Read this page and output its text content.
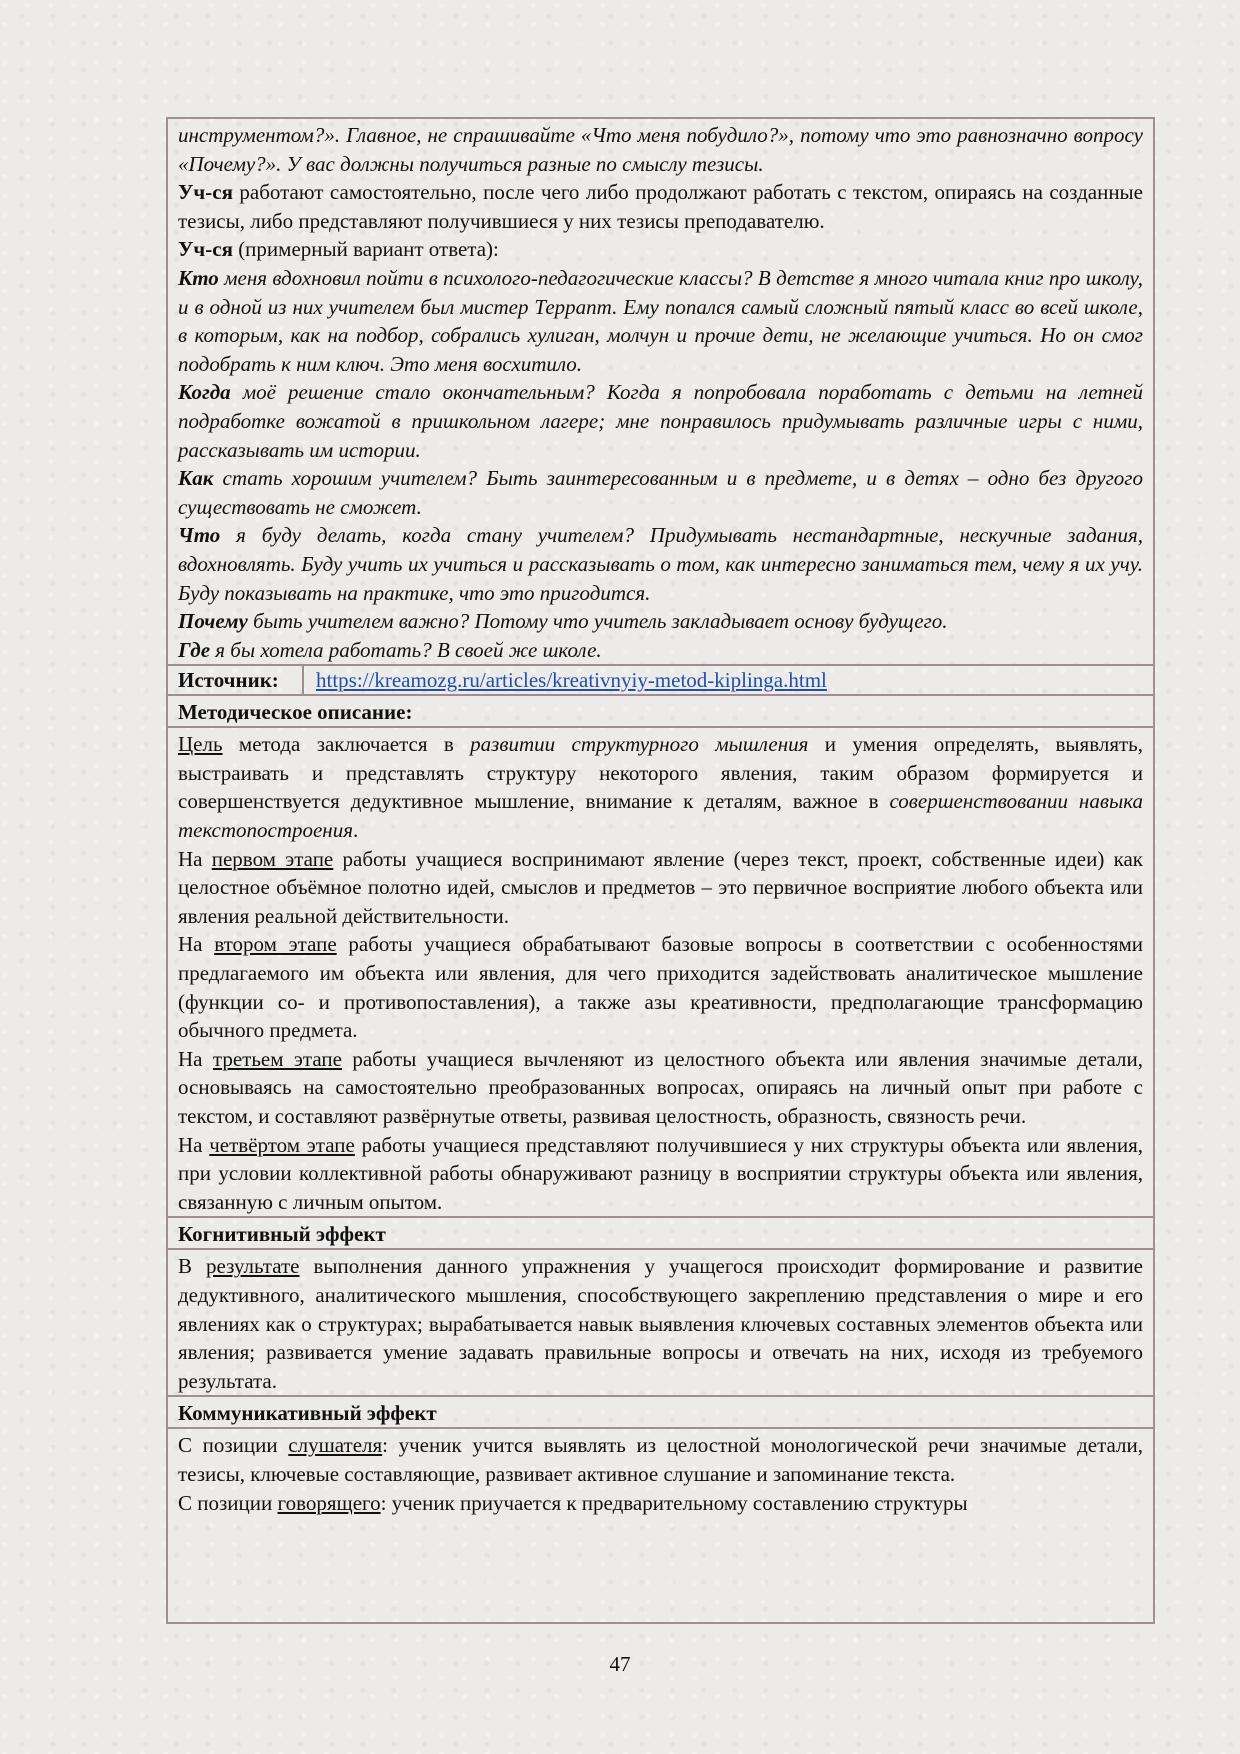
инструментом?». Главное, не спрашивайте «Что меня побудило?», потому что это равнозначно вопросу «Почему?». У вас должны получиться разные по смыслу тезисы.

Уч-ся работают самостоятельно, после чего либо продолжают работать с текстом, опираясь на созданные тезисы, либо представляют получившиеся у них тезисы преподавателю.

Уч-ся (примерный вариант ответа):

Кто меня вдохновил пойти в психолого-педагогические классы? В детстве я много читала книг про школу, и в одной из них учителем был мистер Террапт. Ему попался самый сложный пятый класс во всей школе, в которым, как на подбор, собрались хулиган, молчун и прочие дети, не желающие учиться. Но он смог подобрать к ним ключ. Это меня восхитило.

Когда моё решение стало окончательным? Когда я попробовала поработать с детьми на летней подработке вожатой в пришкольном лагере; мне понравилось придумывать различные игры с ними, рассказывать им истории.

Как стать хорошим учителем? Быть заинтересованным и в предмете, и в детях – одно без другого существовать не сможет.

Что я буду делать, когда стану учителем? Придумывать нестандартные, нескучные задания, вдохновлять. Буду учить их учиться и рассказывать о том, как интересно заниматься тем, чему я их учу. Буду показывать на практике, что это пригодится.

Почему быть учителем важно? Потому что учитель закладывает основу будущего.

Где я бы хотела работать? В своей же школе.

Источник:	https://kreamozg.ru/articles/kreativnyiy-metod-kiplinga.html
Методическое описание:

Цель метода заключается в развитии структурного мышления и умения определять, выявлять, выстраивать и представлять структуру некоторого явления, таким образом формируется и совершенствуется дедуктивное мышление, внимание к деталям, важное в совершенствовании навыка текстопостроения.

На первом этапе работы учащиеся воспринимают явление (через текст, проект, собственные идеи) как целостное объёмное полотно идей, смыслов и предметов – это первичное восприятие любого объекта или явления реальной действительности.

На втором этапе работы учащиеся обрабатывают базовые вопросы в соответствии с особенностями предлагаемого им объекта или явления, для чего приходится задействовать аналитическое мышление (функции со- и противопоставления), а также азы креативности, предполагающие трансформацию обычного предмета.

На третьем этапе работы учащиеся вычленяют из целостного объекта или явления значимые детали, основываясь на самостоятельно преобразованных вопросах, опираясь на личный опыт при работе с текстом, и составляют развёрнутые ответы, развивая целостность, образность, связность речи.

На четвёртом этапе работы учащиеся представляют получившиеся у них структуры объекта или явления, при условии коллективной работы обнаруживают разницу в восприятии структуры объекта или явления, связанную с личным опытом.

Когнитивный эффект

В результате выполнения данного упражнения у учащегося происходит формирование и развитие дедуктивного, аналитического мышления, способствующего закреплению представления о мире и его явлениях как о структурах; вырабатывается навык выявления ключевых составных элементов объекта или явления; развивается умение задавать правильные вопросы и отвечать на них, исходя из требуемого результата.

Коммуникативный эффект

С позиции слушателя: ученик учится выявлять из целостной монологической речи значимые детали, тезисы, ключевые составляющие, развивает активное слушание и запоминание текста.

С позиции говорящего: ученик приучается к предварительному составлению структуры

47
